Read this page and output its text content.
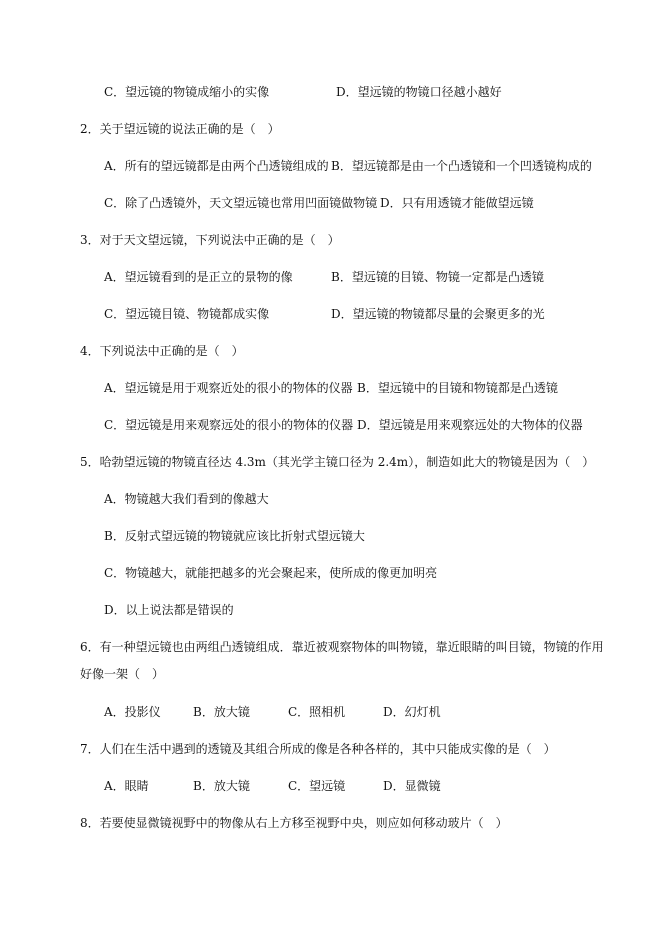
C．望远镜的物镜成缩小的实像	D．望远镜的物镜口径越小越好
2．关于望远镜的说法正确的是（　）
A．所有的望远镜都是由两个凸透镜组成的 B．望远镜都是由一个凸透镜和一个凹透镜构成的
C．除了凸透镜外，天文望远镜也常用凹面镜做物镜 D．只有用透镜才能做望远镜
3．对于天文望远镜，下列说法中正确的是（　）
A．望远镜看到的是正立的景物的像	B．望远镜的目镜、物镜一定都是凸透镜
C．望远镜目镜、物镜都成实像	D．望远镜的物镜都尽量的会聚更多的光
4．下列说法中正确的是（　）
A．望远镜是用于观察近处的很小的物体的仪器 B．望远镜中的目镜和物镜都是凸透镜
C．望远镜是用来观察远处的很小的物体的仪器 D．望远镜是用来观察远处的大物体的仪器
5．哈勃望远镜的物镜直径达 4.3m（其光学主镜口径为 2.4m），制造如此大的物镜是因为（　）
A．物镜越大我们看到的像越大
B．反射式望远镜的物镜就应该比折射式望远镜大
C．物镜越大，就能把越多的光会聚起来，使所成的像更加明亮
D．以上说法都是错误的
6．有一种望远镜也由两组凸透镜组成．靠近被观察物体的叫物镜，靠近眼睛的叫目镜，物镜的作用
好像一架（　）
A．投影仪	B．放大镜	C．照相机	D．幻灯机
7．人们在生活中遇到的透镜及其组合所成的像是各种各样的，其中只能成实像的是（　）
A．眼睛	B．放大镜	C．望远镜	D．显微镜
8．若要使显微镜视野中的物像从右上方移至视野中央，则应如何移动玻片（　）
